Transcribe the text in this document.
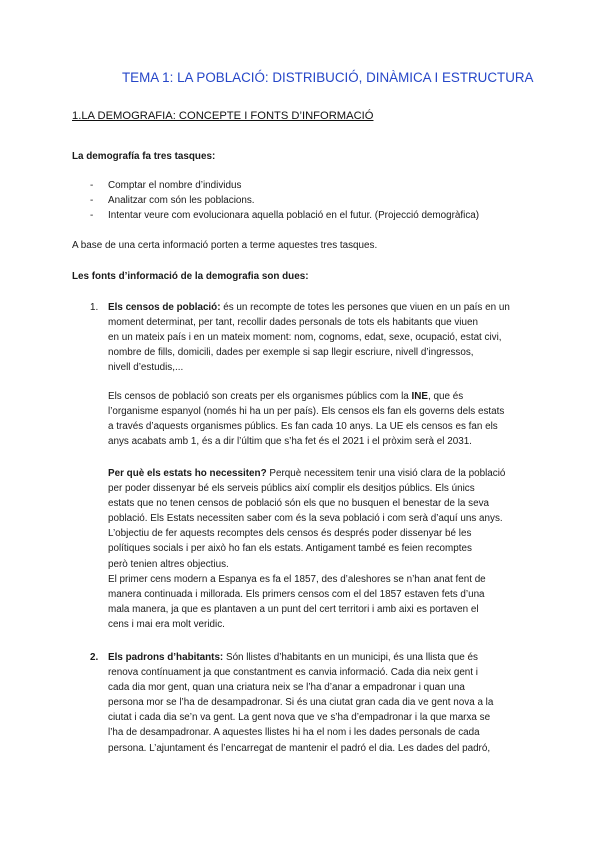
TEMA 1: LA POBLACIÓ: DISTRIBUCIÓ, DINÀMICA I ESTRUCTURA
1.LA DEMOGRAFIA: CONCEPTE I FONTS D’INFORMACIÓ
La demografía fa tres tasques:
- Comptar el nombre d’individus
- Analitzar com són les poblacions.
- Intentar veure com evolucionara aquella població en el futur. (Projecció demogràfica)
A base de una certa informació porten a terme aquestes tres tasques.
Les fonts d’informació de la demografia son dues:
1. Els censos de població: és un recompte de totes les persones que viuen en un país en un

moment determinat, per tant, recollir dades personals de tots els habitants que viuen

en un mateix país i en un mateix moment: nom, cognoms, edat, sexe, ocupació, estat civi,

nombre de fills, domicili, dades per exemple si sap llegir escriure, nivell d’ingressos,

nivell d’estudis,...

Els censos de població son creats per els organismes públics com la INE, que és

l’organisme espanyol (només hi ha un per país). Els censos els fan els governs dels estats

a través d’aquests organismes públics. Es fan cada 10 anys. La UE els censos es fan els

anys acabats amb 1, és a dir l’últim que s’ha fet és el 2021 i el pròxim serà el 2031.

Per què els estats ho necessiten? Perquè necessitem tenir una visió clara de la població

per poder dissenyar bé els serveis públics així complir els desitjos públics. Els únics

estats que no tenen censos de població són els que no busquen el benestar de la seva

població. Els Estats necessiten saber com és la seva població i com serà d’aquí uns anys.

L’objectiu de fer aquests recomptes dels censos és després poder dissenyar bé les

polítiques socials i per això ho fan els estats. Antigament també es feien recomptes

però tenien altres objectius.

El primer cens modern a Espanya es fa el 1857, des d’aleshores se n’han anat fent de

manera continuada i millorada. Els primers censos com el del 1857 estaven fets d’una

mala manera, ja que es plantaven a un punt del cert territori i amb aixi es portaven el

cens i mai era molt veridic.

2. Els padrons d’habitants: Són llistes d’habitants en un municipi, és una llista que és

renova contínuament ja que constantment es canvia informació. Cada dia neix gent i

cada dia mor gent, quan una criatura neix se l’ha d’anar a empadronar i quan una

persona mor se l’ha de desampadronar. Si és una ciutat gran cada dia ve gent nova a la

ciutat i cada dia se’n va gent. La gent nova que ve s’ha d’empadronar i la que marxa se

l’ha de desampadronar. A aquestes llistes hi ha el nom i les dades personals de cada

persona. L’ajuntament és l’encarregat de mantenir el padró el dia. Les dades del padró,
